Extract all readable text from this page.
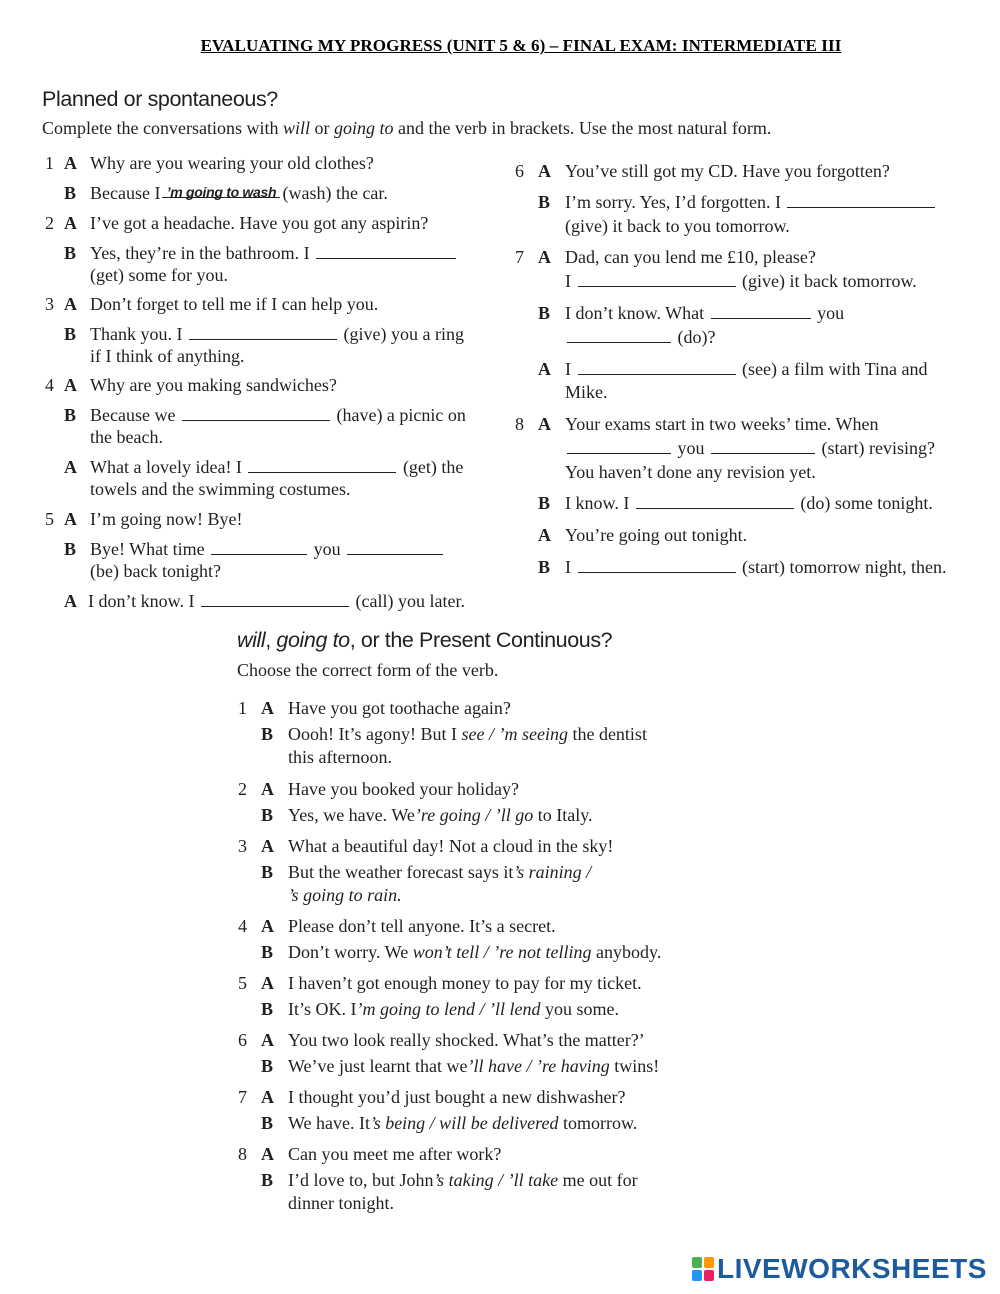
EVALUATING MY PROGRESS (UNIT 5 & 6) – FINAL EXAM: INTERMEDIATE III
Planned or spontaneous?
Complete the conversations with will or going to and the verb in brackets. Use the most natural form.
1 A Why are you wearing your old clothes?
B Because I ’m going to wash (wash) the car.
2 A I’ve got a headache. Have you got any aspirin?
B Yes, they’re in the bathroom. I
(get) some for you.
3 A Don’t forget to tell me if I can help you.
B Thank you. I	(give) you a ring
if I think of anything.
4 A Why are you making sandwiches?
B Because we	(have) a picnic on
the beach.
A What a lovely idea! I	(get) the
towels and the swimming costumes.
5 A I’m going now! Bye!
B Bye! What time	you
(be) back tonight?
A I don’t know. I	(call) you later.
6 A You’ve still got my CD. Have you forgotten?
B I’m sorry. Yes, I’d forgotten. I
(give) it back to you tomorrow.
7 A Dad, can you lend me £10, please?
I	(give) it back tomorrow.
B I don’t know. What	you
(do)?
A I	(see) a film with Tina and
Mike.
8 A Your exams start in two weeks’ time. When
you	(start) revising?
You haven’t done any revision yet.
B I know. I	(do) some tonight.
A You’re going out tonight.
B I	(start) tomorrow night, then.
will, going to, or the Present Continuous?
Choose the correct form of the verb.
1 A Have you got toothache again?
B Oooh! It’s agony! But I see / ’m seeing the dentist
this afternoon.
2 A Have you booked your holiday?
B Yes, we have. We’re going / ’ll go to Italy.
3 A What a beautiful day! Not a cloud in the sky!
B But the weather forecast says it’s raining /
’s going to rain.
4 A Please don’t tell anyone. It’s a secret.
B Don’t worry. We won’t tell / ’re not telling anybody.
5 A I haven’t got enough money to pay for my ticket.
B It’s OK. I’m going to lend / ’ll lend you some.
6 A You two look really shocked. What’s the matter?’
B We’ve just learnt that we’ll have / ’re having twins!
7 A I thought you’d just bought a new dishwasher?
B We have. It’s being / will be delivered tomorrow.
8 A Can you meet me after work?
B I’d love to, but John’s taking / ’ll take me out for
dinner tonight.
LIVEWORKSHEETS
